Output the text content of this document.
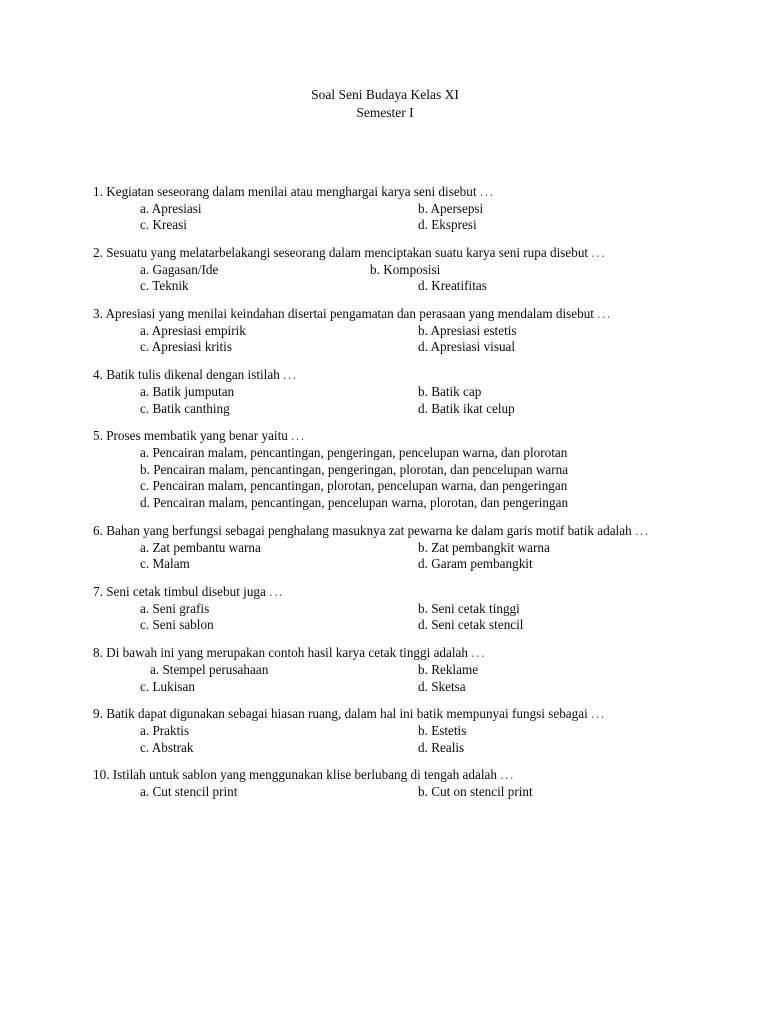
Soal Seni Budaya Kelas XI
Semester I

1. Kegiatan seseorang dalam menilai atau menghargai karya seni disebut ...

a. Apresiasi	b. Apersepsi
c. Kreasi	d. Ekspresi

2. Sesuatu yang melatarbelakangi seseorang dalam menciptakan suatu karya seni rupa disebut ...

a. Gagasan/Ide	b. Komposisi
c. Teknik	d. Kreatifitas

3. Apresiasi yang menilai keindahan disertai pengamatan dan perasaan yang mendalam disebut ...

a. Apresiasi empirik	b. Apresiasi estetis
c. Apresiasi kritis	d. Apresiasi visual

4. Batik tulis dikenal dengan istilah ...

a. Batik jumputan	b. Batik cap
c. Batik canthing	d. Batik ikat celup

5. Proses membatik yang benar yaitu ...

a. Pencairan malam, pencantingan, pengeringan, pencelupan warna, dan plorotan
b. Pencairan malam, pencantingan, pengeringan, plorotan, dan pencelupan warna
c. Pencairan malam, pencantingan, plorotan, pencelupan warna, dan pengeringan
d. Pencairan malam, pencantingan, pencelupan warna, plorotan, dan pengeringan

6. Bahan yang berfungsi sebagai penghalang masuknya zat pewarna ke dalam garis motif batik adalah ...

a. Zat pembantu warna	b. Zat pembangkit warna
c. Malam	d. Garam pembangkit

7. Seni cetak timbul disebut juga ...

a. Seni grafis	b. Seni cetak tinggi
c. Seni sablon	d. Seni cetak stencil

8. Di bawah ini yang merupakan contoh hasil karya cetak tinggi adalah ...

a. Stempel perusahaan	b. Reklame
c. Lukisan	d. Sketsa

9. Batik dapat digunakan sebagai hiasan ruang, dalam hal ini batik mempunyai fungsi sebagai ...

a. Praktis	b. Estetis
c. Abstrak	d. Realis

10. Istilah untuk sablon yang menggunakan klise berlubang di tengah adalah ...

a. Cut stencil print	b. Cut on stencil print
